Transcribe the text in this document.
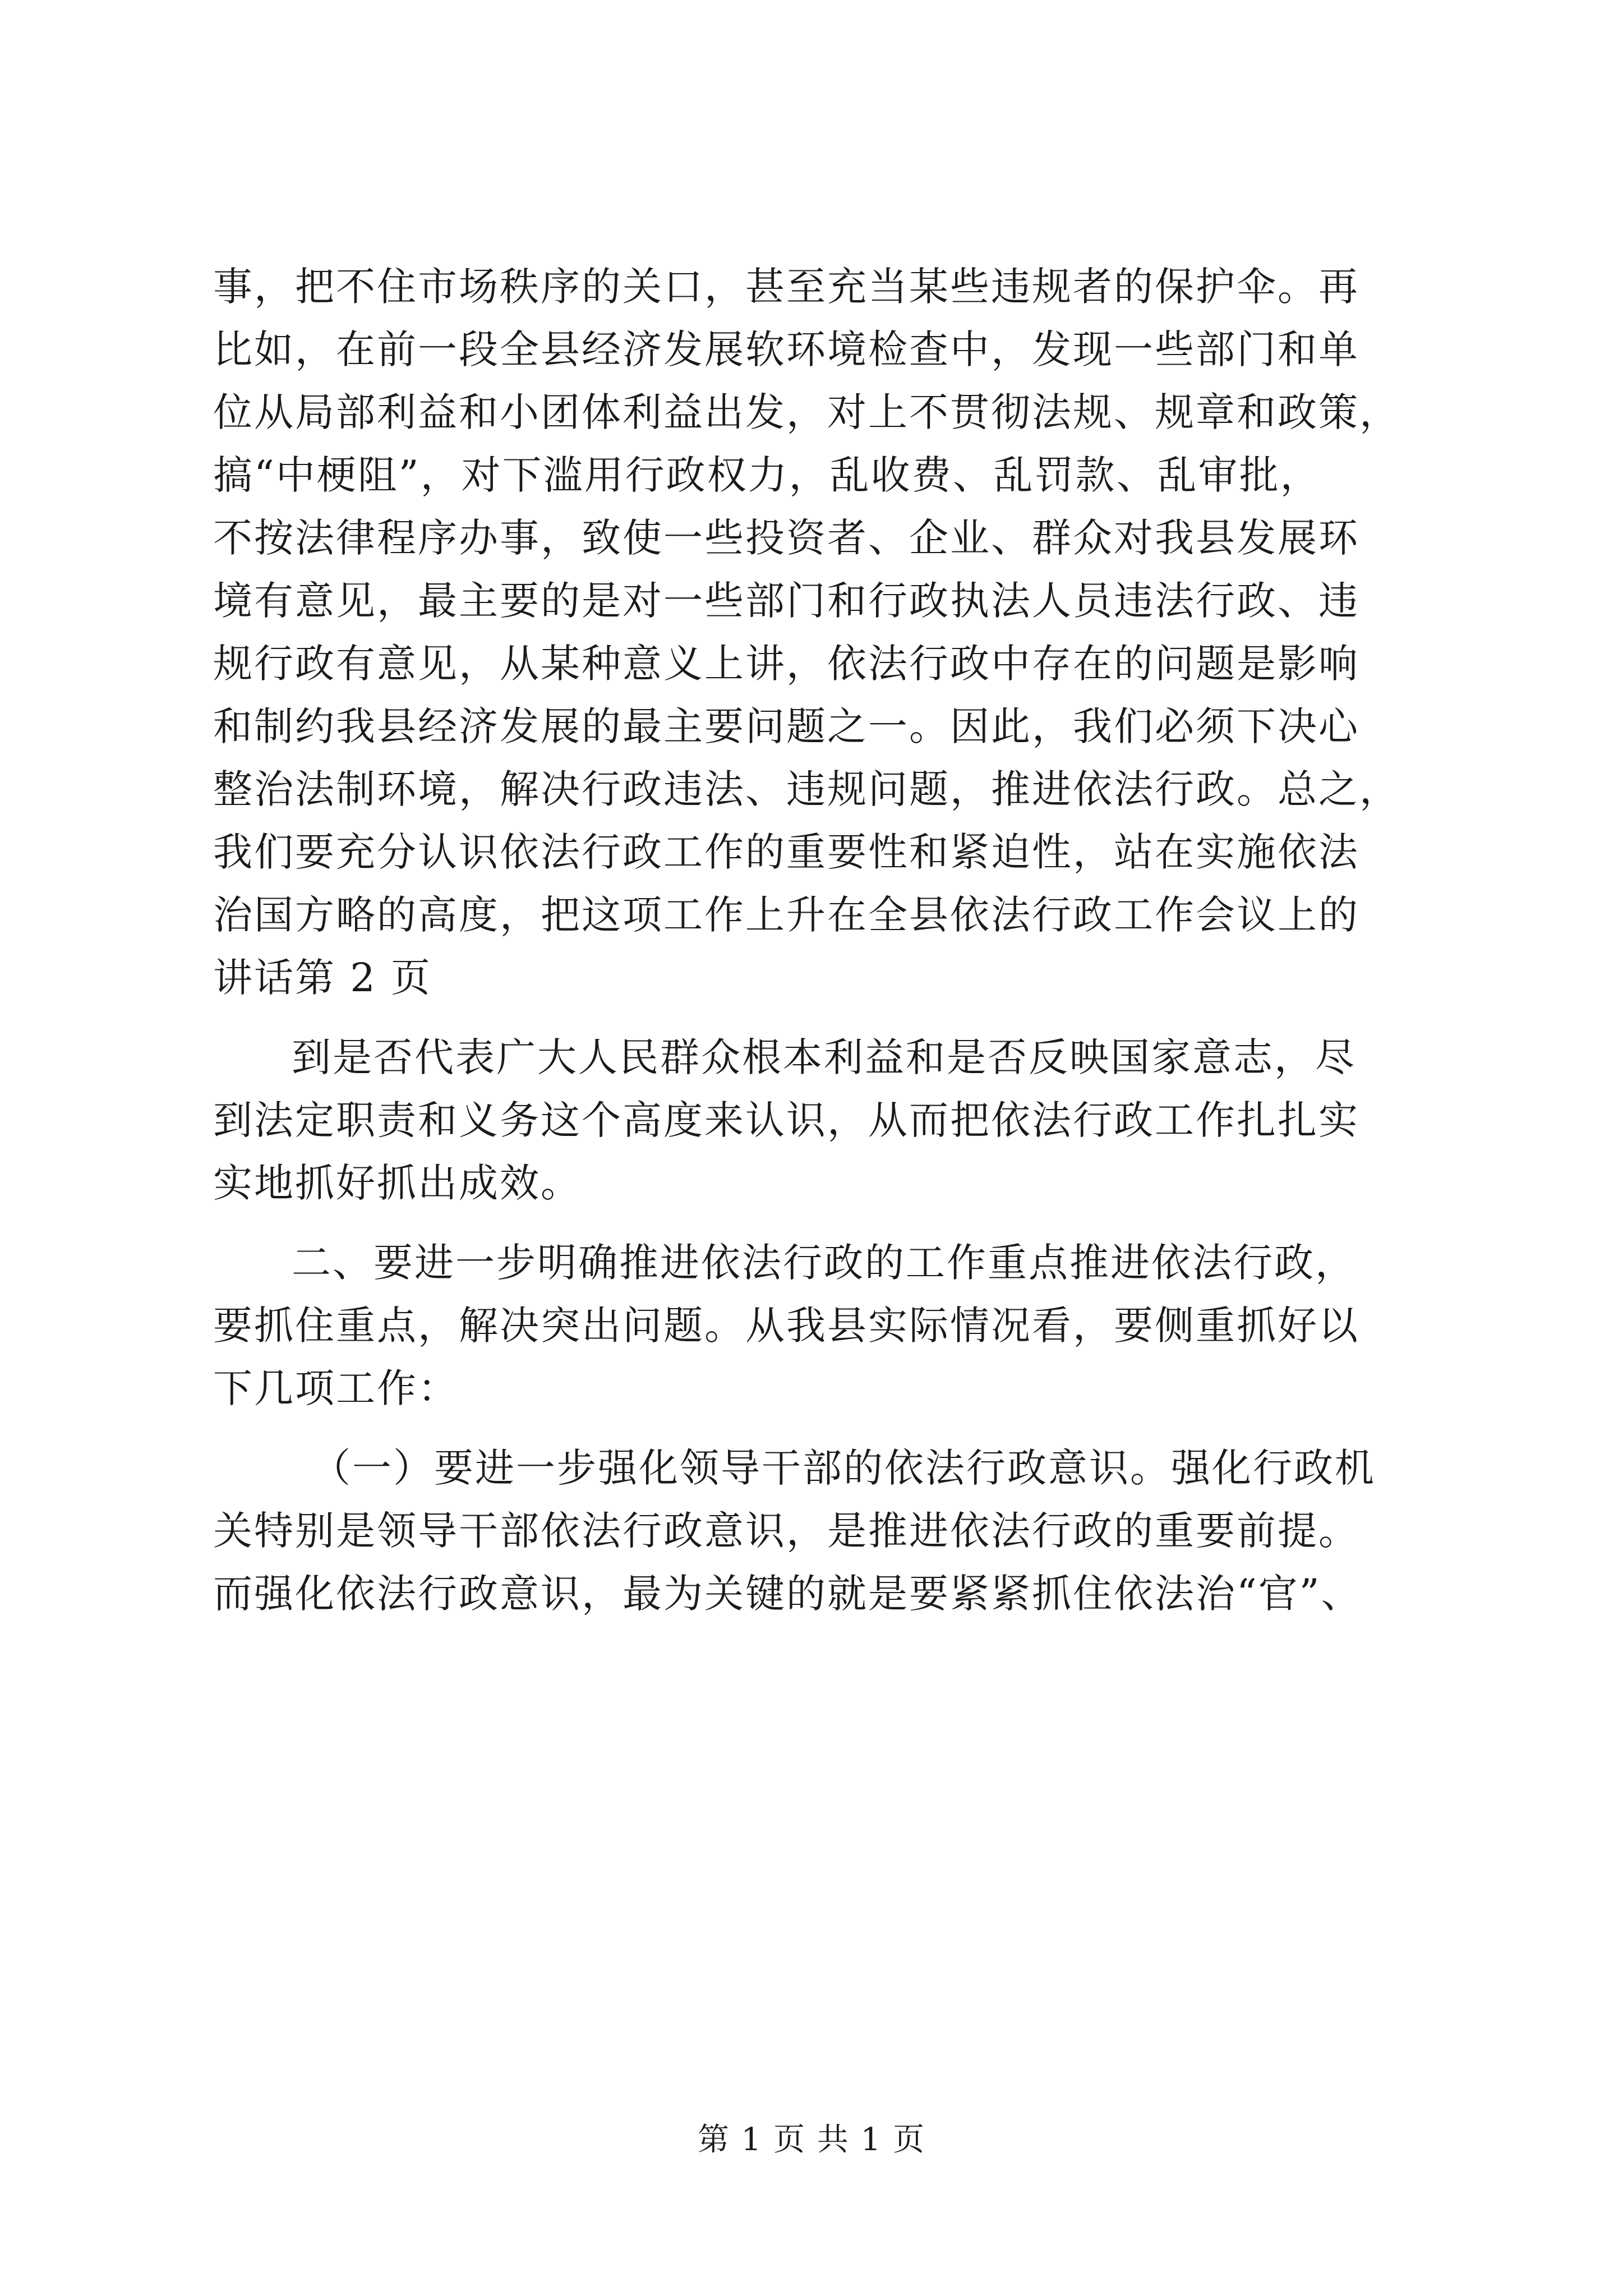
事，把不住市场秩序的关口，甚至充当某些违规者的保护伞。再
比如，在前一段全县经济发展软环境检查中，发现一些部门和单
位从局部利益和小团体利益出发，对上不贯彻法规、规章和政策，
搞“中梗阻”，对下滥用行政权力，乱收费、乱罚款、乱审批，
不按法律程序办事，致使一些投资者、企业、群众对我县发展环
境有意见，最主要的是对一些部门和行政执法人员违法行政、违
规行政有意见，从某种意义上讲，依法行政中存在的问题是影响
和制约我县经济发展的最主要问题之一。因此，我们必须下决心
整治法制环境，解决行政违法、违规问题，推进依法行政。总之，
我们要充分认识依法行政工作的重要性和紧迫性，站在实施依法
治国方略的高度，把这项工作上升在全县依法行政工作会议上的
讲话第 2 页
到是否代表广大人民群众根本利益和是否反映国家意志，尽
到法定职责和义务这个高度来认识，从而把依法行政工作扎扎实
实地抓好抓出成效。
二、要进一步明确推进依法行政的工作重点推进依法行政，
要抓住重点，解决突出问题。从我县实际情况看，要侧重抓好以
下几项工作：
（一）要进一步强化领导干部的依法行政意识。强化行政机
关特别是领导干部依法行政意识，是推进依法行政的重要前提。
而强化依法行政意识，最为关键的就是要紧紧抓住依法治“官”、
第 1 页 共 1 页
